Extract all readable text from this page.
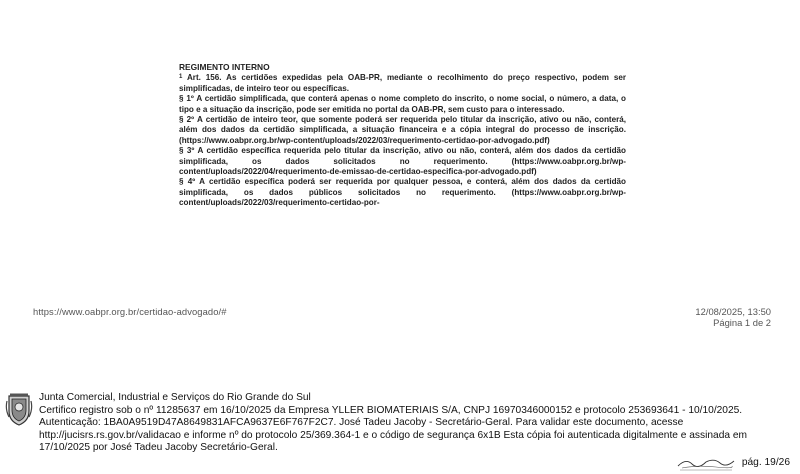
REGIMENTO INTERNO

$^1$ Art. 156. As certidões expedidas pela OAB-PR, mediante o recolhimento do preço respectivo, podem ser simplificadas, de inteiro teor ou específicas.

§ 1º A certidão simplificada, que conterá apenas o nome completo do inscrito, o nome social, o número, a data, o tipo e a situação da inscrição, pode ser emitida no portal da OAB-PR, sem custo para o interessado.

§ 2º A certidão de inteiro teor, que somente poderá ser requerida pelo titular da inscrição, ativo ou não, conterá, além dos dados da certidão simplificada, a situação financeira e a cópia integral do processo de inscrição. (https://www.oabpr.org.br/wp-content/uploads/2022/03/requerimento-certidao-por-advogado.pdf)

§ 3º A certidão específica requerida pelo titular da inscrição, ativo ou não, conterá, além dos dados da certidão simplificada, os dados solicitados no requerimento. (https://www.oabpr.org.br/wp-content/uploads/2022/04/requerimento-de-emissao-de-certidao-especifica-por-advogado.pdf)

§ 4º A certidão específica poderá ser requerida por qualquer pessoa, e conterá, além dos dados da certidão simplificada, os dados públicos solicitados no requerimento. (https://www.oabpr.org.br/wp-content/uploads/2022/03/requerimento-certidao-por-

https://www.oabpr.org.br/certidao-advogado/#	12/08/2025, 13:50
Página 1 de 2

Junta Comercial, Industrial e Serviços do Rio Grande do Sul

Certifico registro sob o nº 11285637 em 16/10/2025 da Empresa YLLER BIOMATERIAIS S/A, CNPJ 16970346000152 e protocolo 253693641 - 10/10/2025. Autenticação: 1BA0A9519D47A8649831AFCA9637E6F767F2C7. José Tadeu Jacoby - Secretário-Geral. Para validar este documento, acesse http://jucisrs.rs.gov.br/validacao e informe nº do protocolo 25/369.364-1 e o código de segurança 6x1B Esta cópia foi autenticada digitalmente e assinada em 17/10/2025 por José Tadeu Jacoby Secretário-Geral.

pág. 19/26
